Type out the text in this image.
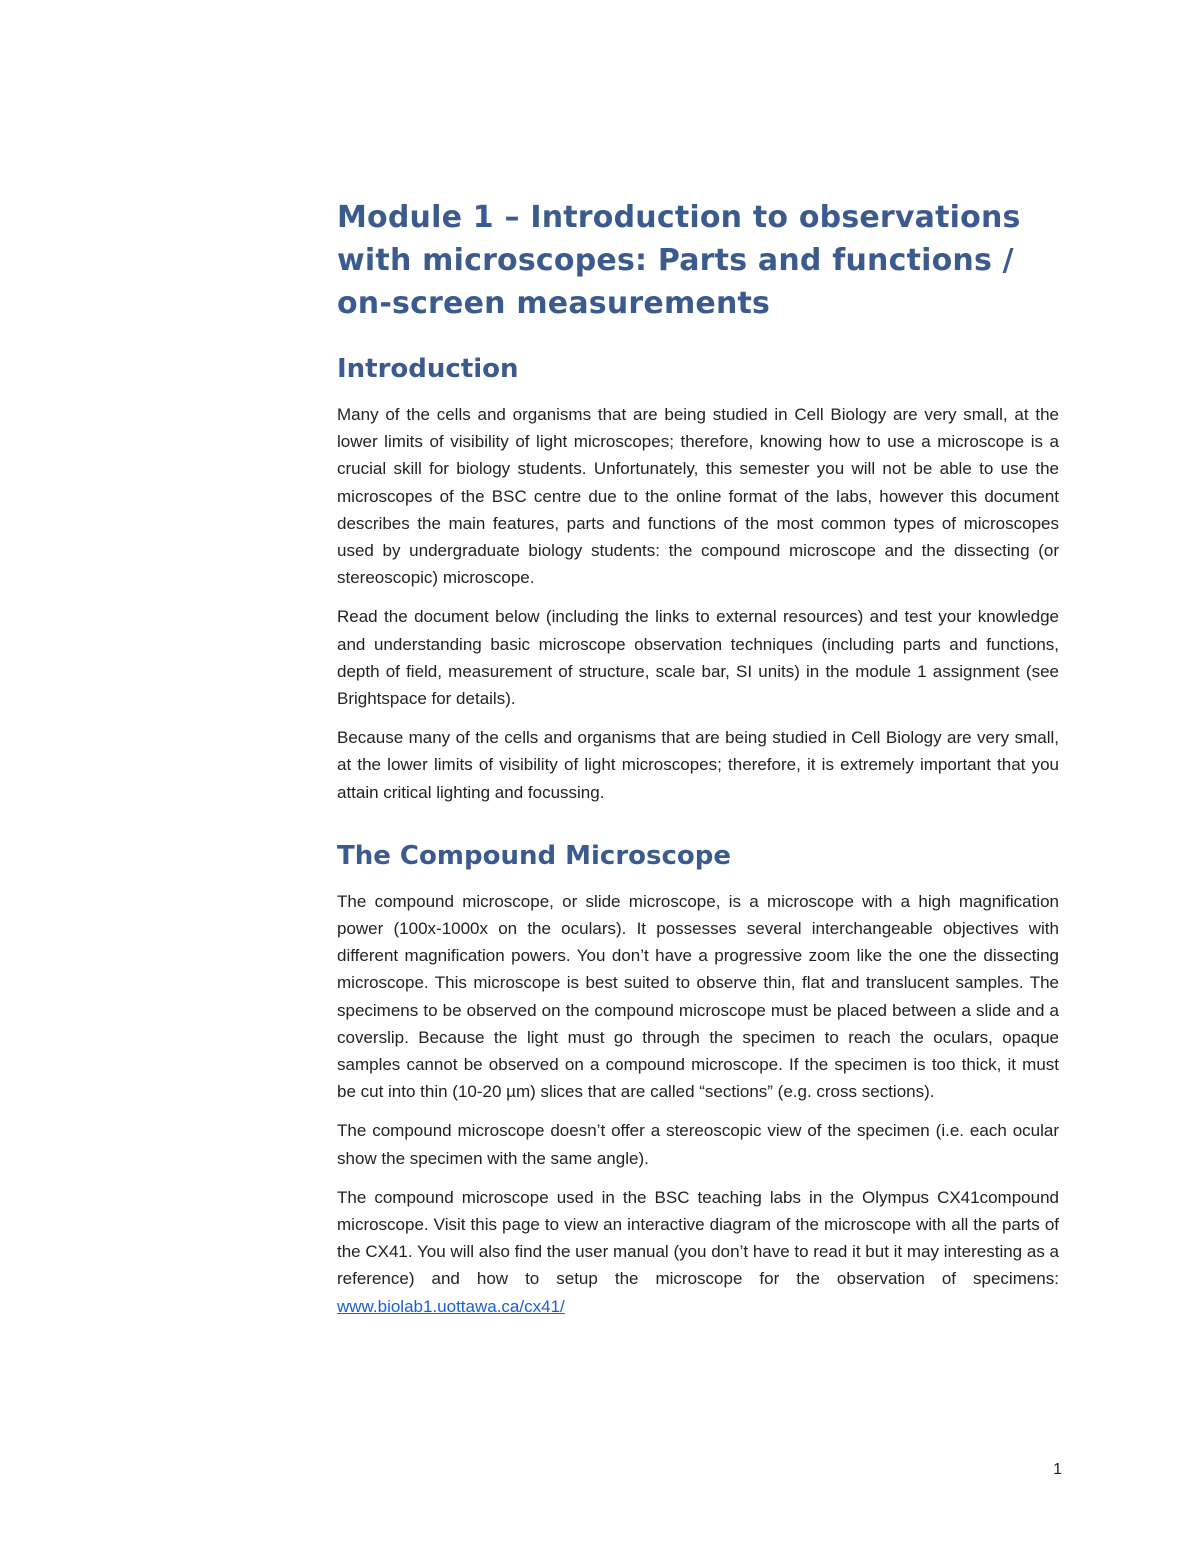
Module 1 – Introduction to observations with microscopes: Parts and functions / on-screen measurements
Introduction

Many of the cells and organisms that are being studied in Cell Biology are very small, at the lower limits of visibility of light microscopes; therefore, knowing how to use a microscope is a crucial skill for biology students. Unfortunately, this semester you will not be able to use the microscopes of the BSC centre due to the online format of the labs, however this document describes the main features, parts and functions of the most common types of microscopes used by undergraduate biology students: the compound microscope and the dissecting (or stereoscopic) microscope.

Read the document below (including the links to external resources) and test your knowledge and understanding basic microscope observation techniques (including parts and functions, depth of field, measurement of structure, scale bar, SI units) in the module 1 assignment (see Brightspace for details).

Because many of the cells and organisms that are being studied in Cell Biology are very small, at the lower limits of visibility of light microscopes; therefore, it is extremely important that you attain critical lighting and focussing.

The Compound Microscope

The compound microscope, or slide microscope, is a microscope with a high magnification power (100x-1000x on the oculars). It possesses several interchangeable objectives with different magnification powers. You don’t have a progressive zoom like the one the dissecting microscope. This microscope is best suited to observe thin, flat and translucent samples. The specimens to be observed on the compound microscope must be placed between a slide and a coverslip. Because the light must go through the specimen to reach the oculars, opaque samples cannot be observed on a compound microscope. If the specimen is too thick, it must be cut into thin (10-20 µm) slices that are called “sections” (e.g. cross sections).

The compound microscope doesn’t offer a stereoscopic view of the specimen (i.e. each ocular show the specimen with the same angle).

The compound microscope used in the BSC teaching labs in the Olympus CX41compound microscope. Visit this page to view an interactive diagram of the microscope with all the parts of the CX41. You will also find the user manual (you don’t have to read it but it may interesting as a reference) and how to setup the microscope for the observation of specimens: www.biolab1.uottawa.ca/cx41/

1
